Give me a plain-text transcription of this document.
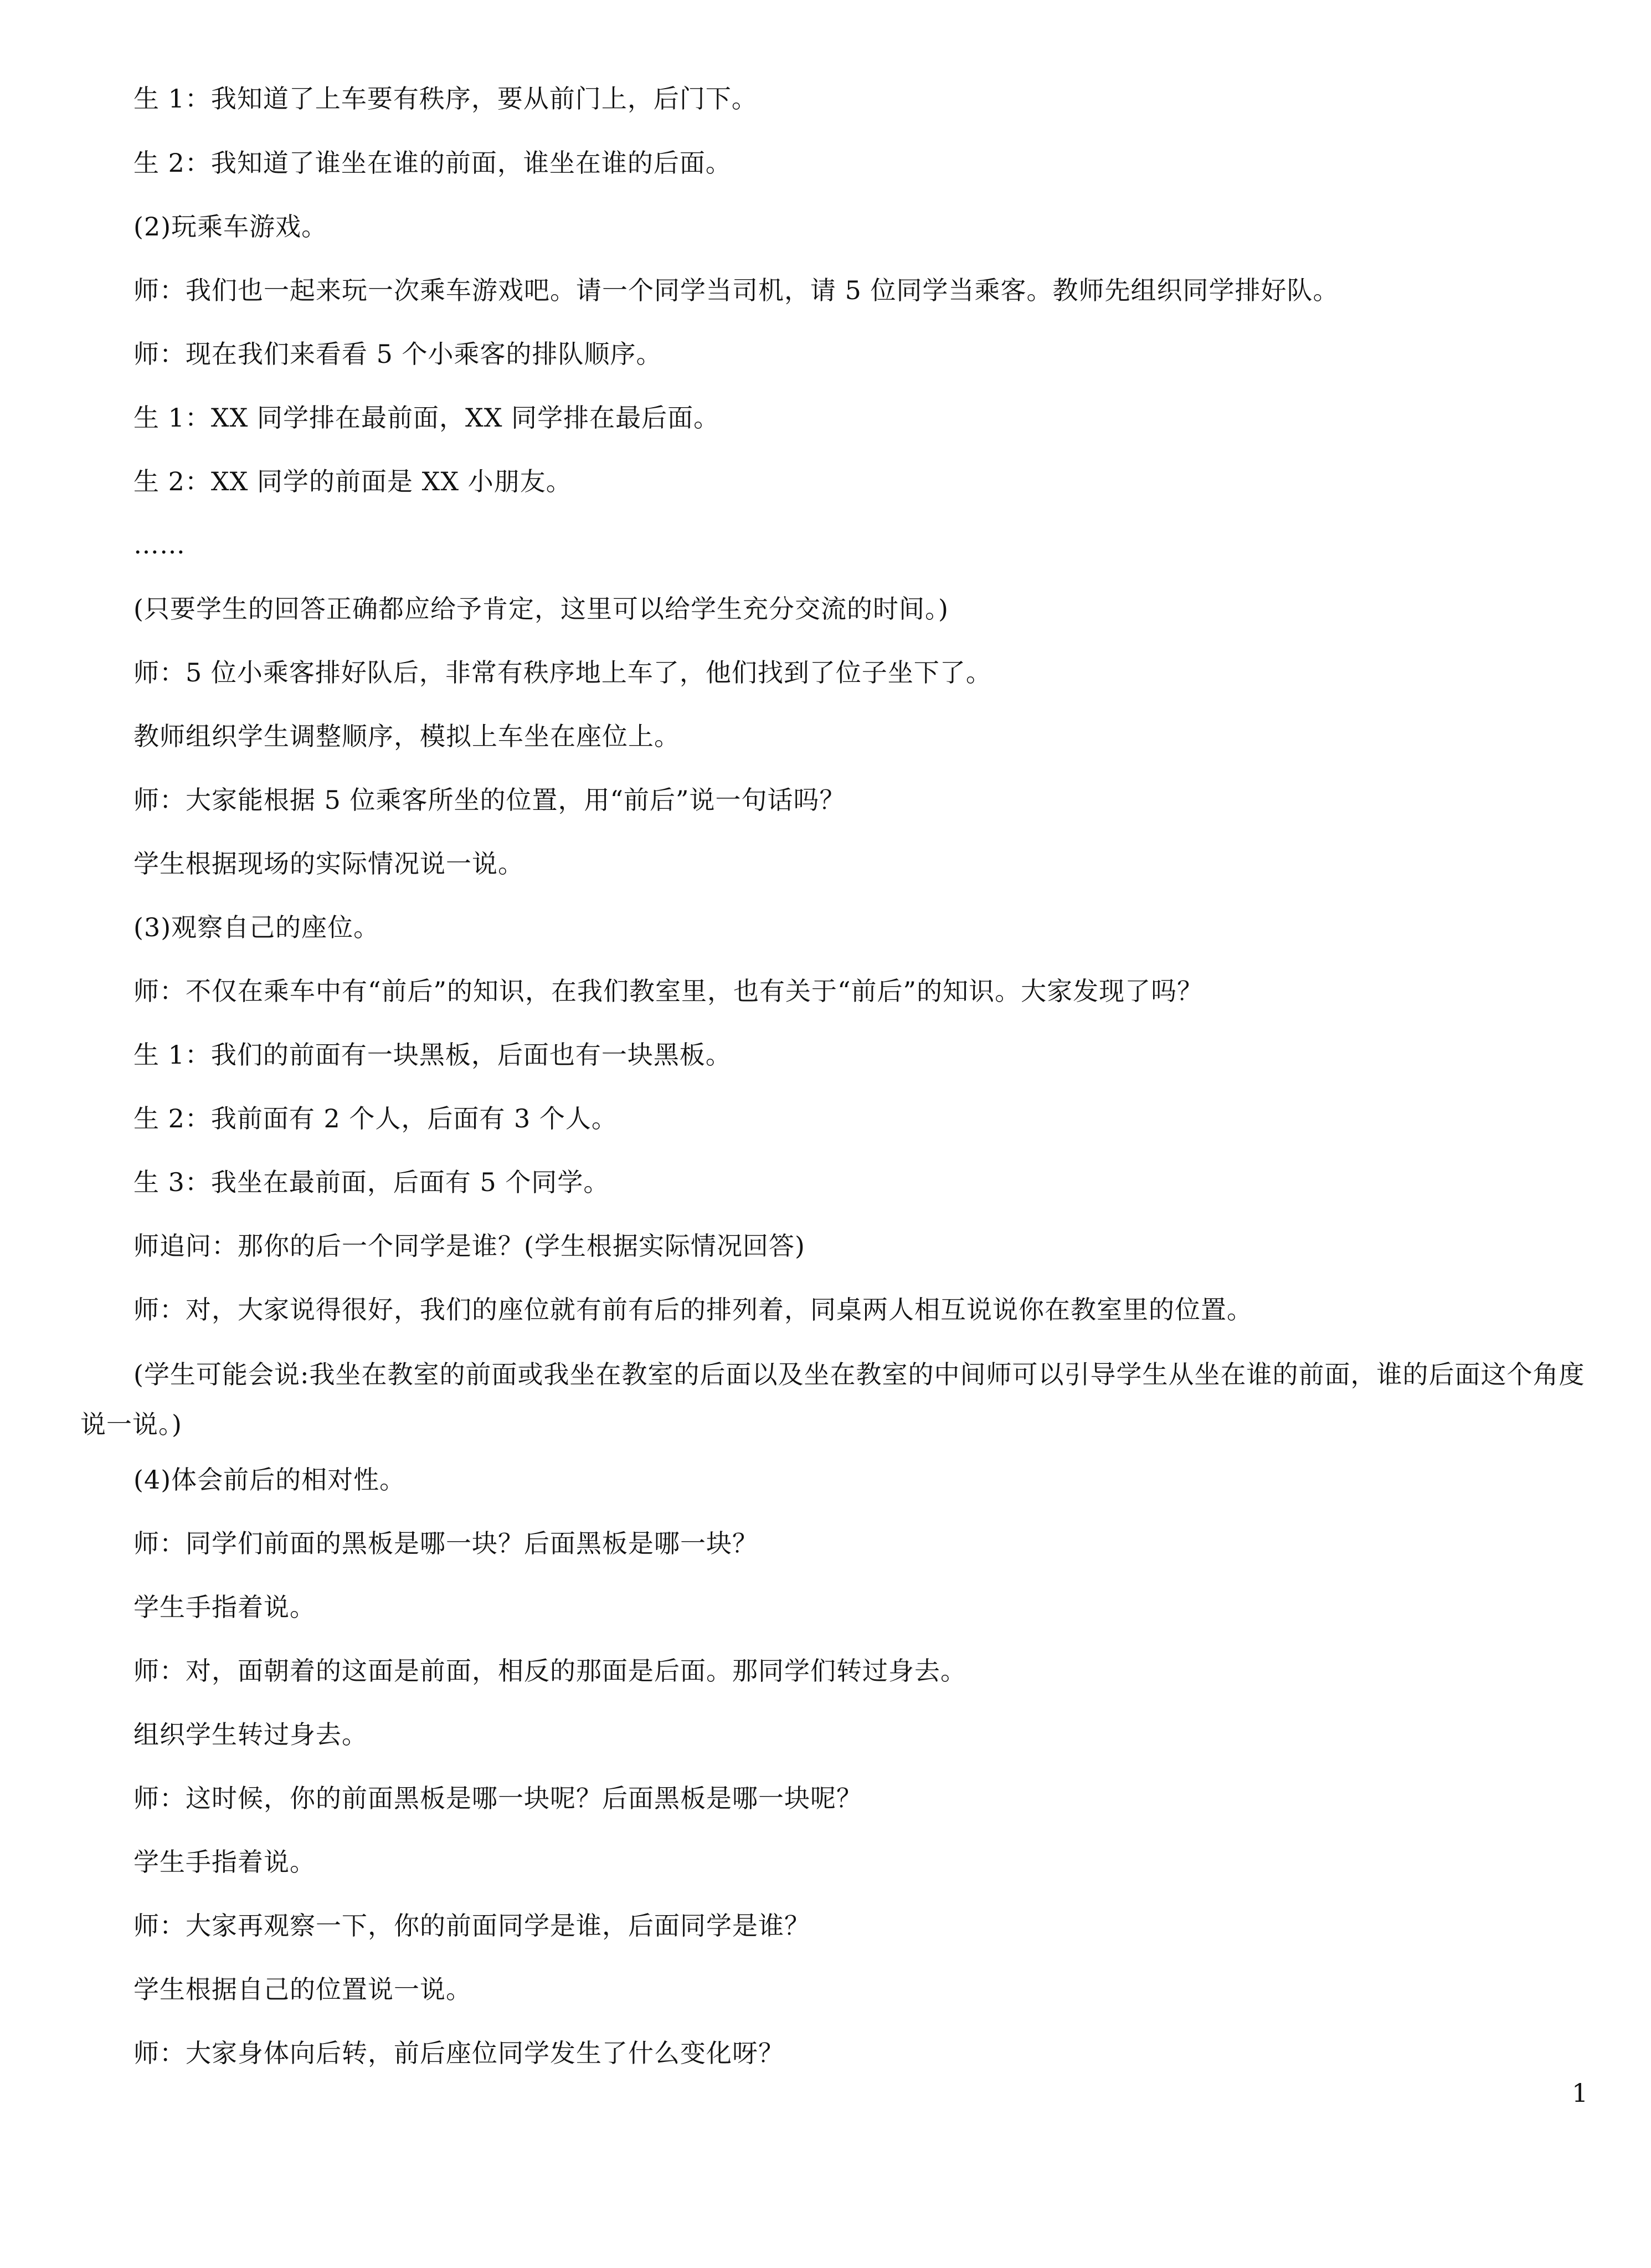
生 1：我知道了上车要有秩序，要从前门上，后门下。
生 2：我知道了谁坐在谁的前面，谁坐在谁的后面。
(2)玩乘车游戏。
师：我们也一起来玩一次乘车游戏吧。请一个同学当司机，请 5 位同学当乘客。教师先组织同学排好队。
师：现在我们来看看 5 个小乘客的排队顺序。
生 1：XX 同学排在最前面，XX 同学排在最后面。
生 2：XX 同学的前面是 XX 小朋友。
……
(只要学生的回答正确都应给予肯定，这里可以给学生充分交流的时间。)
师：5 位小乘客排好队后，非常有秩序地上车了，他们找到了位子坐下了。
教师组织学生调整顺序，模拟上车坐在座位上。
师：大家能根据 5 位乘客所坐的位置，用“前后”说一句话吗？
学生根据现场的实际情况说一说。
(3)观察自己的座位。
师：不仅在乘车中有“前后”的知识，在我们教室里，也有关于“前后”的知识。大家发现了吗？
生 1：我们的前面有一块黑板，后面也有一块黑板。
生 2：我前面有 2 个人，后面有 3 个人。
生 3：我坐在最前面，后面有 5 个同学。
师追问：那你的后一个同学是谁？(学生根据实际情况回答)
师：对，大家说得很好，我们的座位就有前有后的排列着，同桌两人相互说说你在教室里的位置。
(学生可能会说:我坐在教室的前面或我坐在教室的后面以及坐在教室的中间师可以引导学生从坐在谁的前面，谁的后面这个角度说一说。)
(4)体会前后的相对性。
师：同学们前面的黑板是哪一块？后面黑板是哪一块？
学生手指着说。
师：对，面朝着的这面是前面，相反的那面是后面。那同学们转过身去。
组织学生转过身去。
师：这时候，你的前面黑板是哪一块呢？后面黑板是哪一块呢？
学生手指着说。
师：大家再观察一下，你的前面同学是谁，后面同学是谁？
学生根据自己的位置说一说。
师：大家身体向后转，前后座位同学发生了什么变化呀？
1
